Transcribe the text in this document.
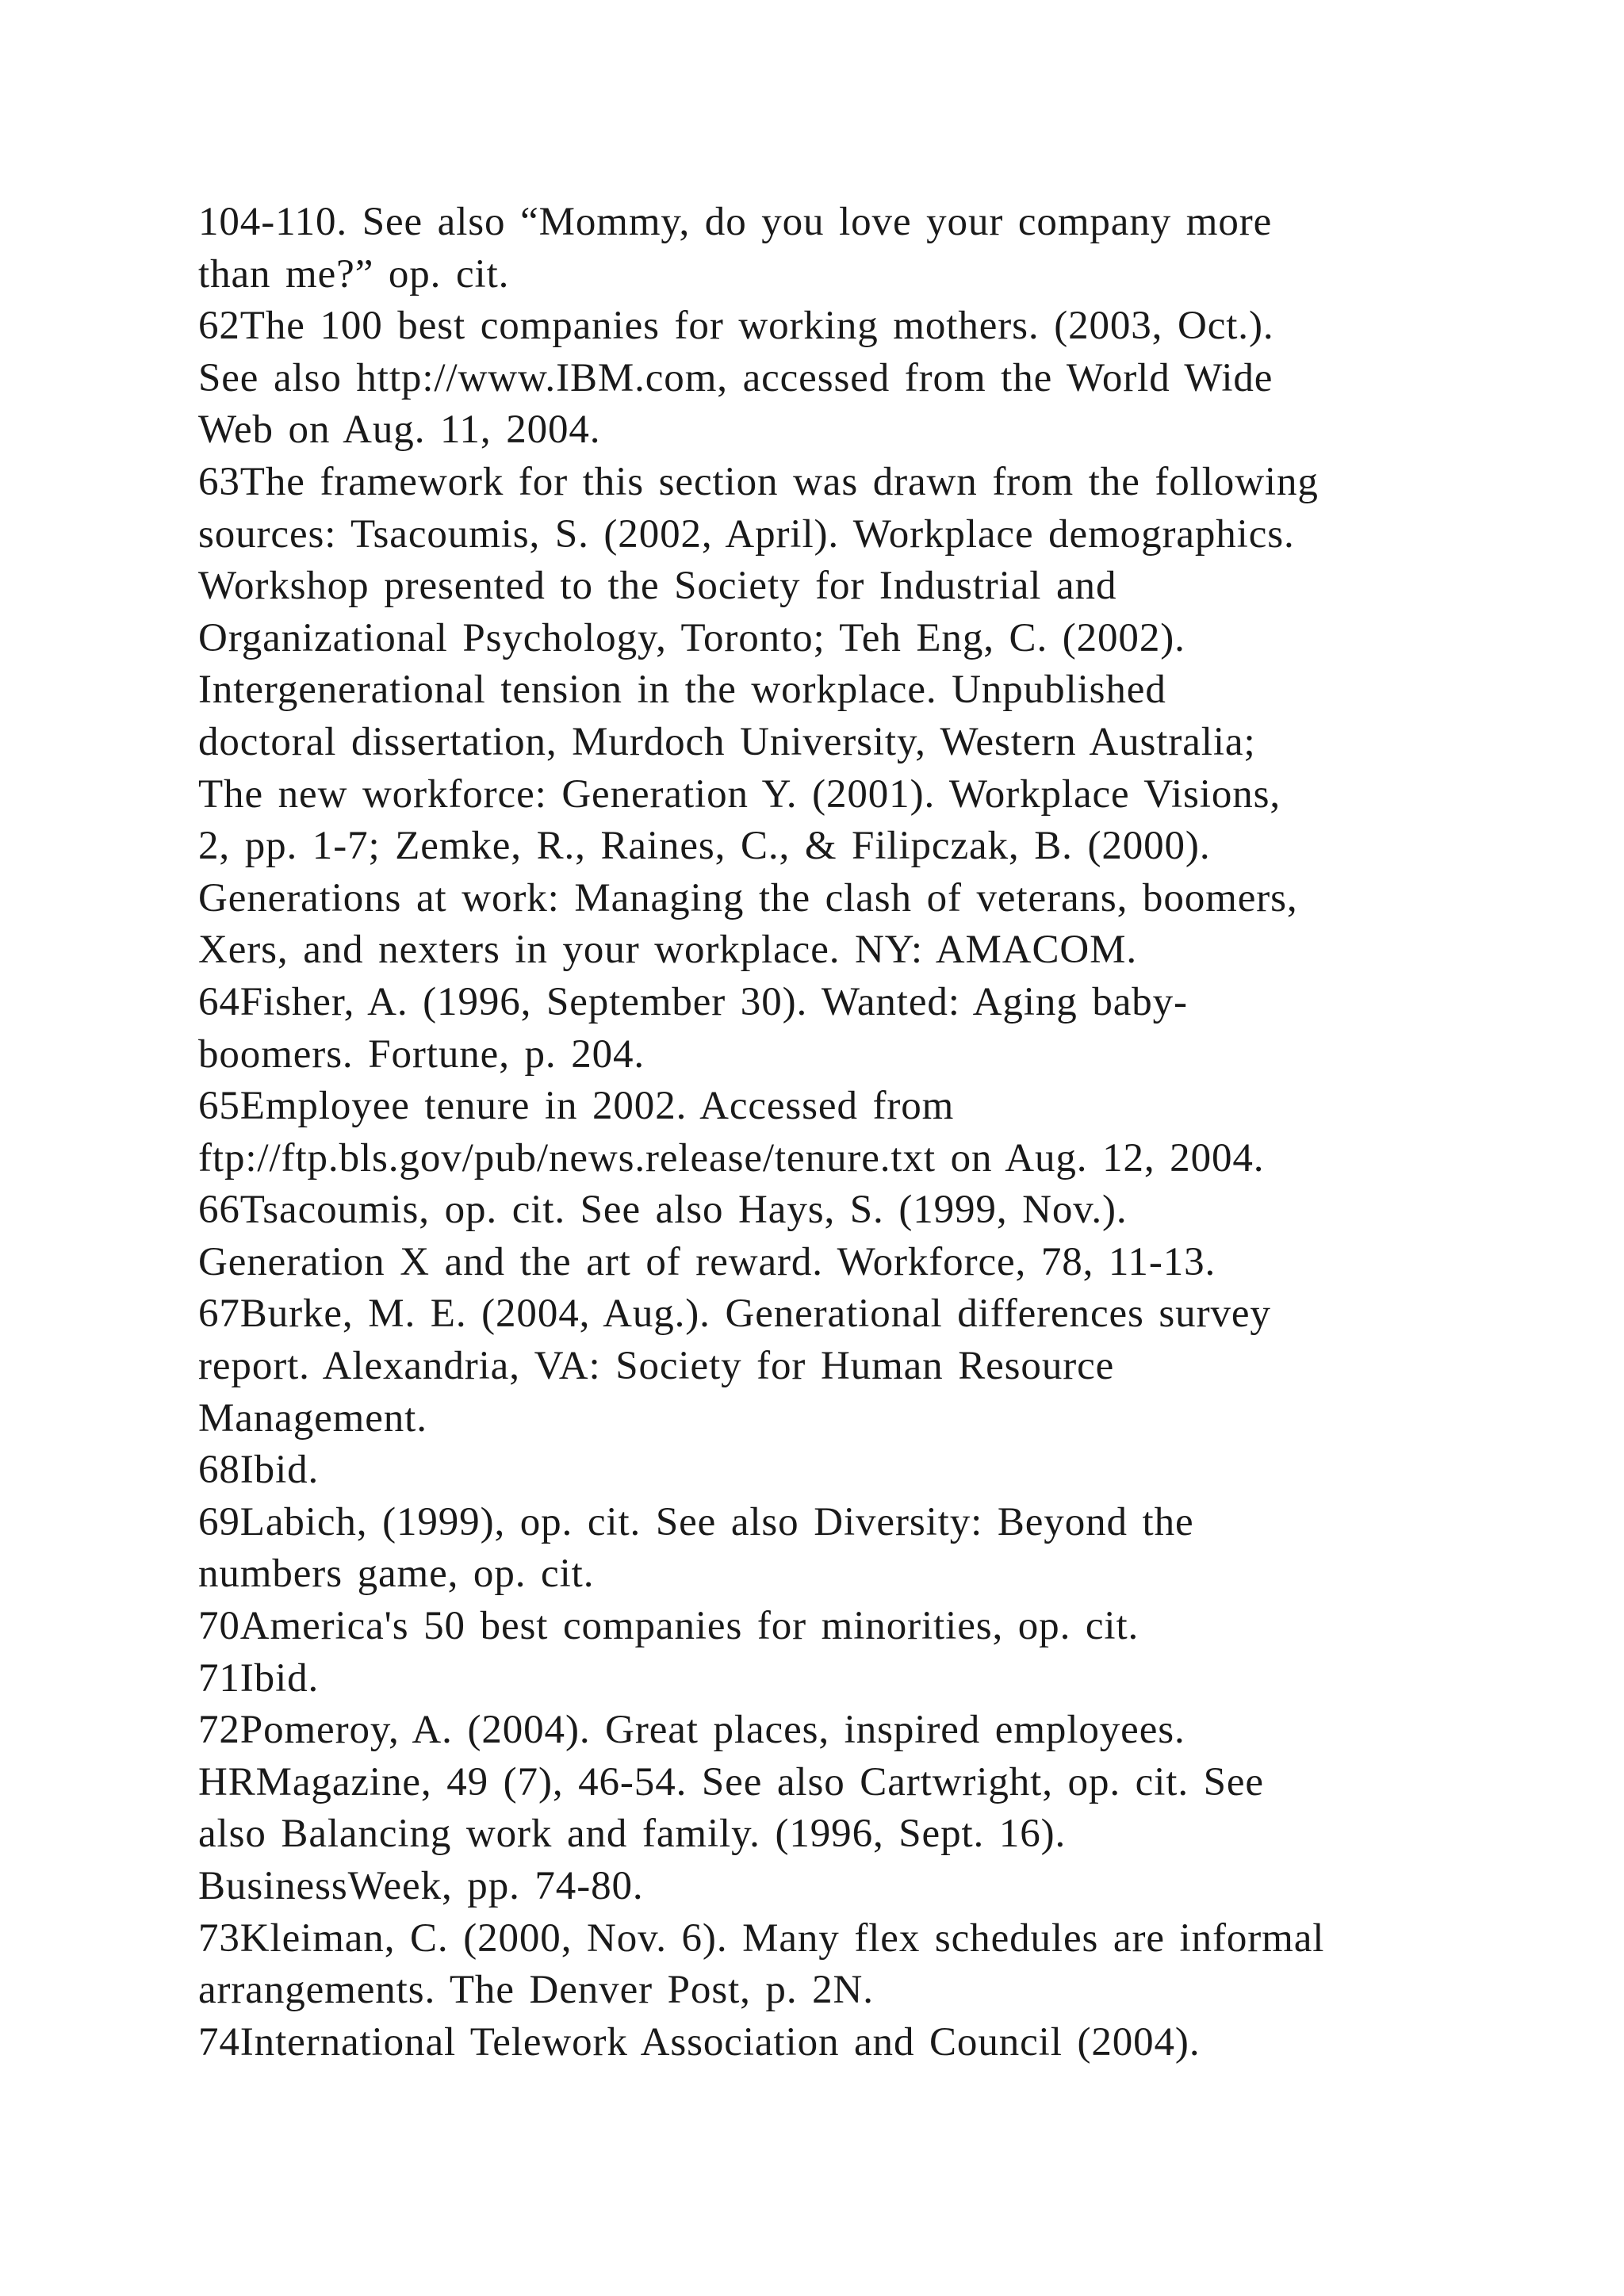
104-110. See also “Mommy, do you love your company more
than me?” op. cit.
62The 100 best companies for working mothers. (2003, Oct.).
See also http://www.IBM.com, accessed from the World Wide
Web on Aug. 11, 2004.
63The framework for this section was drawn from the following
sources: Tsacoumis, S. (2002, April). Workplace demographics.
Workshop presented to the Society for Industrial and
Organizational Psychology, Toronto; Teh Eng, C. (2002).
Intergenerational tension in the workplace. Unpublished
doctoral dissertation, Murdoch University, Western Australia;
The new workforce: Generation Y. (2001). Workplace Visions,
2, pp. 1-7; Zemke, R., Raines, C., & Filipczak, B. (2000).
Generations at work: Managing the clash of veterans, boomers,
Xers, and nexters in your workplace. NY: AMACOM.
64Fisher, A. (1996, September 30). Wanted: Aging baby-
boomers. Fortune, p. 204.
65Employee tenure in 2002. Accessed from
ftp://ftp.bls.gov/pub/news.release/tenure.txt on Aug. 12, 2004.
66Tsacoumis, op. cit. See also Hays, S. (1999, Nov.).
Generation X and the art of reward. Workforce, 78, 11-13.
67Burke, M. E. (2004, Aug.). Generational differences survey
report. Alexandria, VA: Society for Human Resource
Management.
68Ibid.
69Labich, (1999), op. cit. See also Diversity: Beyond the
numbers game, op. cit.
70America's 50 best companies for minorities, op. cit.
71Ibid.
72Pomeroy, A. (2004). Great places, inspired employees.
HRMagazine, 49 (7), 46-54. See also Cartwright, op. cit. See
also Balancing work and family. (1996, Sept. 16).
BusinessWeek, pp. 74-80.
73Kleiman, C. (2000, Nov. 6). Many flex schedules are informal
arrangements. The Denver Post, p. 2N.
74International Telework Association and Council (2004).
